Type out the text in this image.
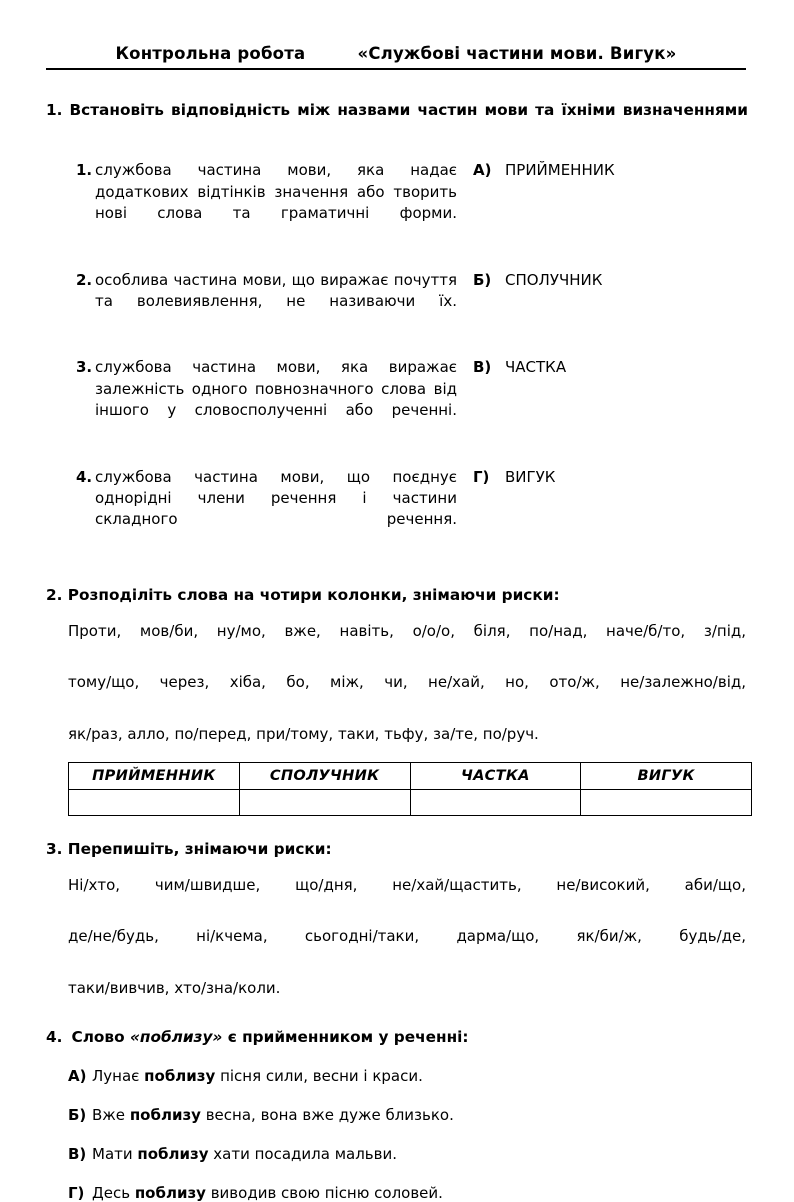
Контрольна робота	«Службові частини мови. Вигук»
1. Встановіть відповідність між назвами частин мови та їхніми визначеннями
1. службова частина мови, яка надає додаткових відтінків значення або творить нові слова та граматичні форми.
А) ПРИЙМЕННИК
2. особлива частина мови, що виражає почуття та волевиявлення, не називаючи їх.
Б) СПОЛУЧНИК
3. службова частина мови, яка виражає залежність одного повнозначного слова від іншого у словосполученні або реченні.
В) ЧАСТКА
4. службова частина мови, що поєднує однорідні члени речення і частини складного речення.
Г)	ВИГУК
2. Розподіліть слова на чотири колонки, знімаючи риски:
Проти, мов/би, ну/мо, вже, навіть, о/о/о, біля, по/над, наче/б/то, з/під,
тому/що, через, хіба, бо, між, чи, не/хай, но, ото/ж, не/залежно/від,
як/раз, алло, по/перед, при/тому, таки, тьфу, за/те, по/руч.
ПРИЙМЕННИК	СПОЛУЧНИК	ЧАСТКА	ВИГУК

3. Перепишіть, знімаючи риски:
Ні/хто, чим/швидше, що/дня, не/хай/щастить, не/високий, аби/що,
де/не/будь, ні/кчема, сьогодні/таки, дарма/що, як/би/ж, будь/де,
таки/вивчив, хто/зна/коли.
4. Слово «поблизу» є прийменником у реченні:
А) Лунає поблизу пісня сили, весни і краси.
Б) Вже поблизу весна, вона вже дуже близько.
В) Мати поблизу хати посадила мальви.
Г) Десь поблизу виводив свою пісню соловей.
